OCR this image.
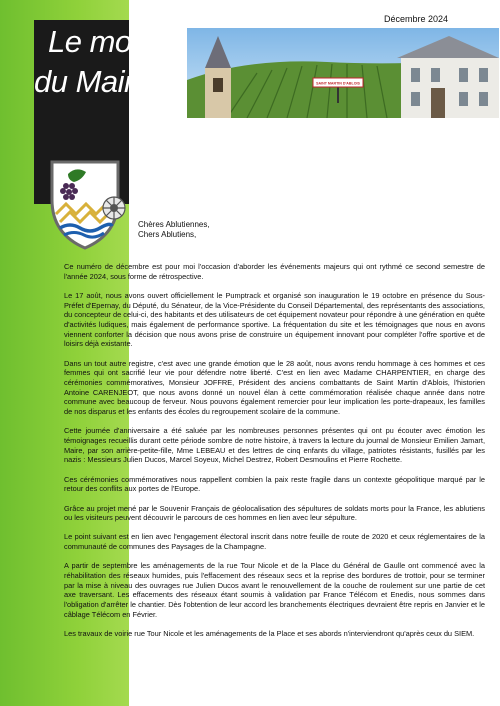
Le mot
du Maire
Décembre 2024
SAINT MARTIN D'ABLOIS
Chères Ablutiennes,
Chers Ablutiens,

Ce numéro de décembre est pour moi l'occasion d'aborder les événements majeurs qui ont rythmé ce second semestre de l'année 2024, sous forme de rétrospective.

Le 17 août, nous avons ouvert officiellement le Pumptrack et organisé son inauguration le 19 octobre en présence du Sous-Préfet d'Epernay, du Député, du Sénateur, de la Vice-Présidente du Conseil Départemental, des représentants des associations, du concepteur de celui-ci, des habitants et des utilisateurs de cet équipement novateur pour répondre à une génération en quête d'activités ludiques, mais également de performance sportive. La fréquentation du site et les témoignages que nous en avons viennent conforter la décision que nous avons prise de construire un équipement innovant pour compléter l'offre sportive et de loisirs déjà existante.

Dans un tout autre registre, c'est avec une grande émotion que le 28 août, nous avons rendu hommage à ces hommes et ces femmes qui ont sacrifié leur vie pour défendre notre liberté. C'est en lien avec Madame CHARPENTIER, en charge des cérémonies commémoratives, Monsieur JOFFRE, Président des anciens combattants de Saint Martin d'Ablois, l'historien Antoine CARENJEOT, que nous avons donné un nouvel élan à cette commémoration réalisée chaque année dans notre commune avec beaucoup de ferveur. Nous pouvons également remercier pour leur implication les porte-drapeaux, les familles de nos disparus et les enfants des écoles du regroupement scolaire de la commune.

Cette journée d'anniversaire a été saluée par les nombreuses personnes présentes qui ont pu écouter avec émotion les témoignages recueillis durant cette période sombre de notre histoire, à travers la lecture du journal de Monsieur Emilien Jamart, Maire, par son arrière-petite-fille, Mme LEBEAU et des lettres de cinq enfants du village, patriotes résistants, fusillés par les nazis : Messieurs Julien Ducos, Marcel Soyeux, Michel Destrez, Robert Desmoulins et Pierre Rochette.

Ces cérémonies commémoratives nous rappellent combien la paix reste fragile dans un contexte géopolitique marqué par le retour des conflits aux portes de l'Europe.

Grâce au projet mené par le Souvenir Français de géolocalisation des sépultures de soldats morts pour la France, les ablutiens ou les visiteurs peuvent découvrir le parcours de ces hommes en lien avec leur sépulture.

Le point suivant est en lien avec l'engagement électoral inscrit dans notre feuille de route de 2020 et ceux réglementaires de la communauté de communes des Paysages de la Champagne.

A partir de septembre les aménagements de la rue Tour Nicole et de la Place du Général de Gaulle ont commencé avec la réhabilitation des réseaux humides, puis l'effacement des réseaux secs et la reprise des bordures de trottoir, pour se terminer par la mise à niveau des ouvrages rue Julien Ducos avant le renouvellement de la couche de roulement sur une partie de cet axe traversant. Les effacements des réseaux étant soumis à validation par France Télécom et Enedis, nous sommes dans l'obligation d'arrêter le chantier. Dès l'obtention de leur accord les branchements électriques devraient être repris en Janvier et le câblage Télécom en Février.

Les travaux de voirie rue Tour Nicole et les aménagements de la Place et ses abords n'interviendront qu'après ceux du SIEM.
